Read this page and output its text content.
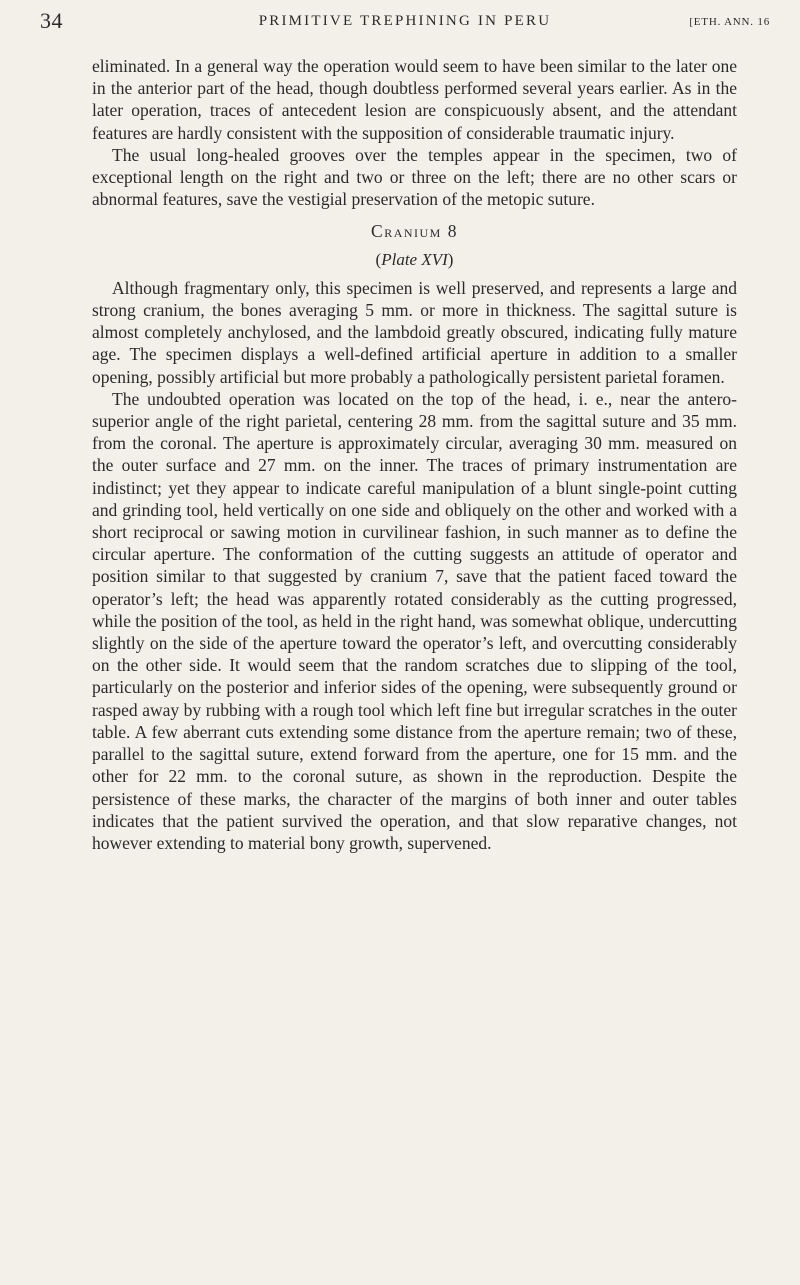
34	PRIMITIVE TREPHINING IN PERU	[ETH. ANN. 16

eliminated. In a general way the operation would seem to have been similar to the later one in the anterior part of the head, though doubtless performed several years earlier. As in the later operation, traces of antecedent lesion are conspicuously absent, and the attendant features are hardly consistent with the supposition of considerable traumatic injury.

The usual long-healed grooves over the temples appear in the specimen, two of exceptional length on the right and two or three on the left; there are no other scars or abnormal features, save the vestigial preservation of the metopic suture.

Cranium 8
(Plate XVI)

Although fragmentary only, this specimen is well preserved, and represents a large and strong cranium, the bones averaging 5 mm. or more in thickness. The sagittal suture is almost completely anchylosed, and the lambdoid greatly obscured, indicating fully mature age. The specimen displays a well-defined artificial aperture in addition to a smaller opening, possibly artificial but more probably a pathologically persistent parietal foramen.

The undoubted operation was located on the top of the head, i. e., near the antero-superior angle of the right parietal, centering 28 mm. from the sagittal suture and 35 mm. from the coronal. The aperture is approximately circular, averaging 30 mm. measured on the outer surface and 27 mm. on the inner. The traces of primary instrumentation are indistinct; yet they appear to indicate careful manipulation of a blunt single-point cutting and grinding tool, held vertically on one side and obliquely on the other and worked with a short reciprocal or sawing motion in curvilinear fashion, in such manner as to define the circular aperture. The conformation of the cutting suggests an attitude of operator and position similar to that suggested by cranium 7, save that the patient faced toward the operator’s left; the head was apparently rotated considerably as the cutting progressed, while the position of the tool, as held in the right hand, was somewhat oblique, undercutting slightly on the side of the aperture toward the operator’s left, and overcutting considerably on the other side. It would seem that the random scratches due to slipping of the tool, particularly on the posterior and inferior sides of the opening, were subsequently ground or rasped away by rubbing with a rough tool which left fine but irregular scratches in the outer table. A few aberrant cuts extending some distance from the aperture remain; two of these, parallel to the sagittal suture, extend forward from the aperture, one for 15 mm. and the other for 22 mm. to the coronal suture, as shown in the reproduction. Despite the persistence of these marks, the character of the margins of both inner and outer tables indicates that the patient survived the operation, and that slow reparative changes, not however extending to material bony growth, supervened.
